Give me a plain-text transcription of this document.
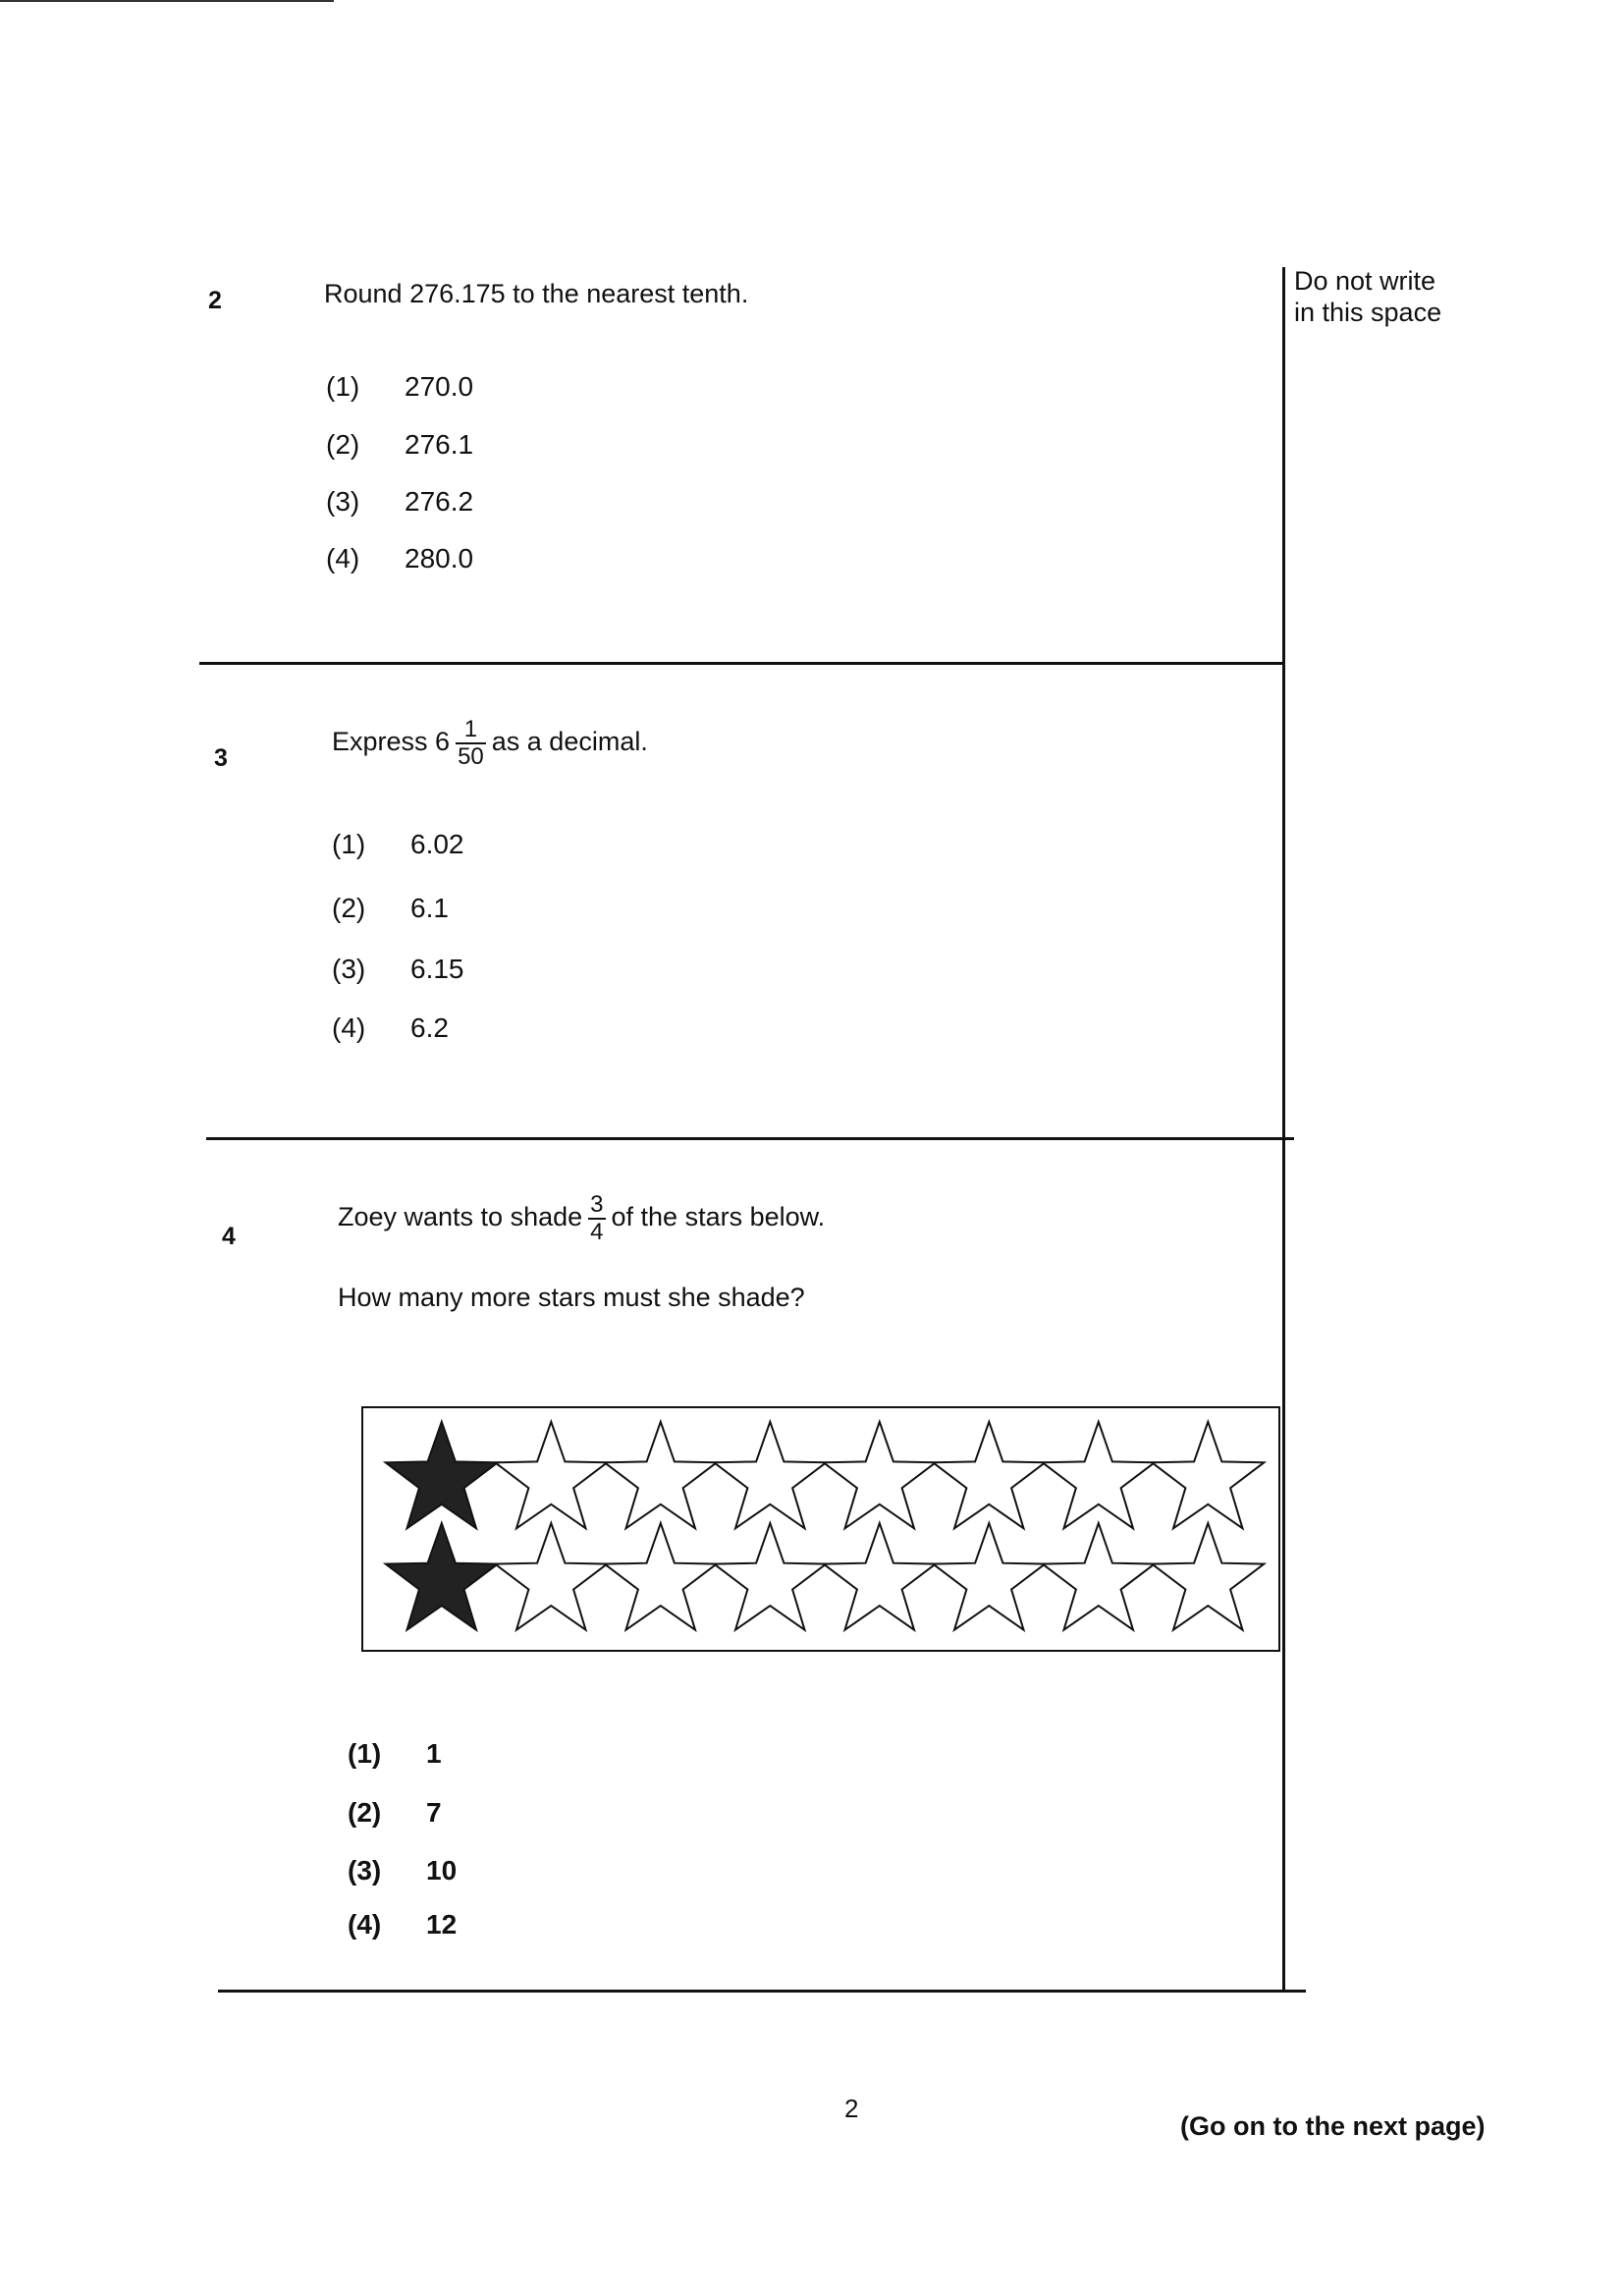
Do not write
in this space
2	Round 276.175 to the nearest tenth.
(1) 270.0
(2) 276.1
(3) 276.2
(4) 280.0
3
Express $6 \frac{1}{50}$ as a decimal.
(1) 6.02
(2) 6.1
(3) 6.15
(4) 6.2
4
Zoey wants to shade $\frac{3}{4}$ of the stars below.
How many more stars must she shade?
(1) 1
(2) 7
(3) 10
(4) 12
2
(Go on to the next page)
